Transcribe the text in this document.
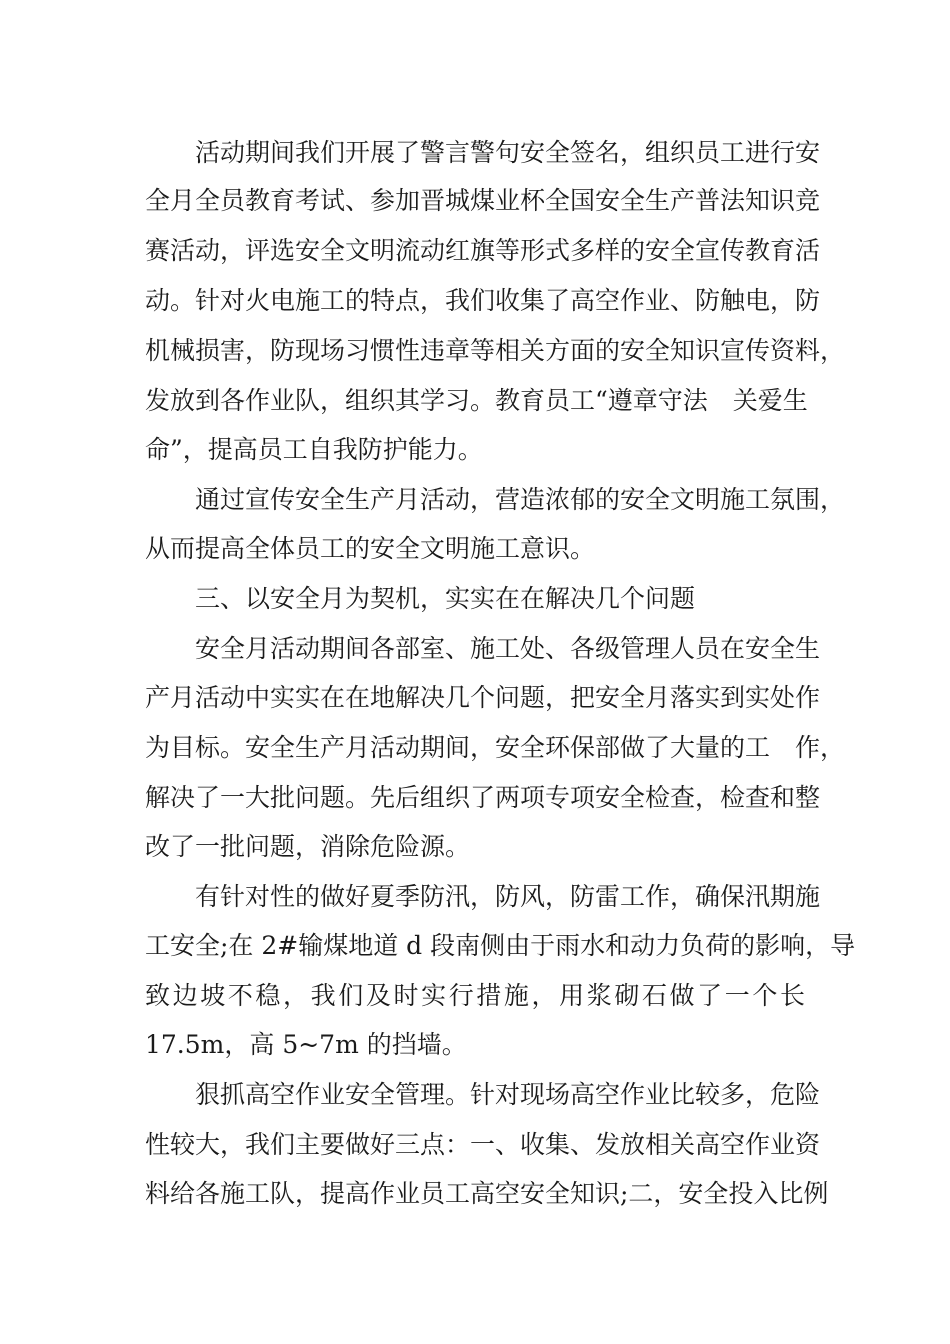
活动期间我们开展了警言警句安全签名，组织员工进行安
全月全员教育考试、参加晋城煤业杯全国安全生产普法知识竞
赛活动，评选安全文明流动红旗等形式多样的安全宣传教育活
动。针对火电施工的特点，我们收集了高空作业、防触电，防
机械损害，防现场习惯性违章等相关方面的安全知识宣传资料，
发放到各作业队，组织其学习。教育员工“遵章守法　关爱生
命”，提高员工自我防护能力。
通过宣传安全生产月活动，营造浓郁的安全文明施工氛围，
从而提高全体员工的安全文明施工意识。
三、以安全月为契机，实实在在解决几个问题
安全月活动期间各部室、施工处、各级管理人员在安全生
产月活动中实实在在地解决几个问题，把安全月落实到实处作
为目标。安全生产月活动期间，安全环保部做了大量的工　作，
解决了一大批问题。先后组织了两项专项安全检查，检查和整
改了一批问题，消除危险源。
有针对性的做好夏季防汛，防风，防雷工作，确保汛期施
工安全;在 2#输煤地道 d 段南侧由于雨水和动力负荷的影响，导
致边坡不稳，我们及时实行措施，用浆砌石做了一个长
17.5m，高 5~7m 的挡墙。
狠抓高空作业安全管理。针对现场高空作业比较多，危险
性较大，我们主要做好三点：一、收集、发放相关高空作业资
料给各施工队，提高作业员工高空安全知识;二，安全投入比例
